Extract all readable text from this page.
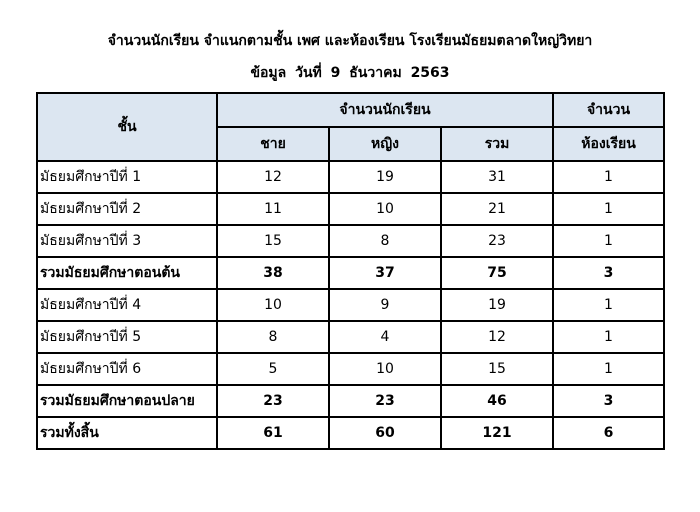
จำนวนนักเรียน จำแนกตามชั้น เพศ และห้องเรียน โรงเรียนมัธยมตลาดใหญ่วิทยา
ข้อมูล วันที่ 9 ธันวาคม 2563
ชั้น	จำนวนนักเรียน			จำนวน
	ชาย	หญิง	รวม	ห้องเรียน
มัธยมศึกษาปีที่ 1	12	19	31	1
มัธยมศึกษาปีที่ 2	11	10	21	1
มัธยมศึกษาปีที่ 3	15	8	23	1
รวมมัธยมศึกษาตอนต้น	38	37	75	3
มัธยมศึกษาปีที่ 4	10	9	19	1
มัธยมศึกษาปีที่ 5	8	4	12	1
มัธยมศึกษาปีที่ 6	5	10	15	1
รวมมัธยมศึกษาตอนปลาย	23	23	46	3
รวมทั้งสิ้น	61	60	121	6
